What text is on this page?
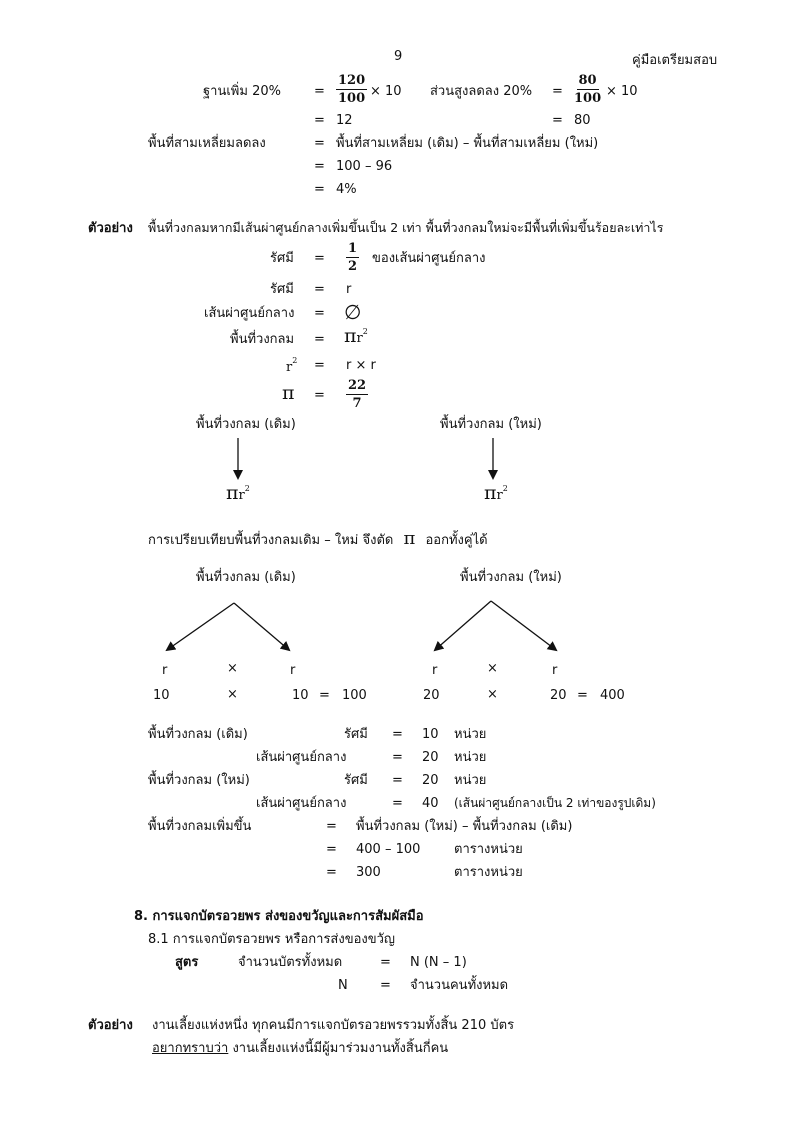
9	คู่มือเตรียมสอบ
ฐานเพิ่ม 20%	= $\frac{120}{100} \times 10$ ส่วนสูงลดลง $20\% = \frac{80}{100} \times 10$
= 12	= 80
พื้นที่สามเหลี่ยมลดลง	= พื้นที่สามเหลี่ยม (เดิม) – พื้นที่สามเหลี่ยม (ใหม่)
= 100 – 96
= 4%
ตัวอย่าง พื้นที่วงกลมหากมีเส้นผ่าศูนย์กลางเพิ่มขึ้นเป็น 2 เท่า พื้นที่วงกลมใหม่จะมีพื้นที่เพิ่มขึ้นร้อยละเท่าไร
รัศมี = $\frac{1}{2}$ ของเส้นผ่าศูนย์กลาง
รัศมี = r
เส้นผ่าศูนย์กลาง = ∅
พื้นที่วงกลม = $\pi r^2$
$r^2 = r \times r$
$\pi = \frac{22}{7}$
พื้นที่วงกลม (เดิม)	พื้นที่วงกลม (ใหม่)
$\pi r^2$	$\pi r^2$
การเปรียบเทียบพื้นที่วงกลมเดิม – ใหม่ จึงตัด π ออกทั้งคู่ได้
พื้นที่วงกลม (เดิม)	พื้นที่วงกลม (ใหม่)
r	×	r	r	×	r
10	×	10 = 100	20	×	20 = 400
พื้นที่วงกลม (เดิม)	รัศมี = 10 หน่วย
เส้นผ่าศูนย์กลาง	= 20 หน่วย
พื้นที่วงกลม (ใหม่)	รัศมี = 20 หน่วย
เส้นผ่าศูนย์กลาง	= 40 (เส้นผ่าศูนย์กลางเป็น 2 เท่าของรูปเดิม)
พื้นที่วงกลมเพิ่มขึ้น	= พื้นที่วงกลม (ใหม่) – พื้นที่วงกลม (เดิม)
= 400 – 100	ตารางหน่วย
= 300	ตารางหน่วย
8. การแจกบัตรอวยพร ส่งของขวัญและการสัมผัสมือ
8.1 การแจกบัตรอวยพร หรือการส่งของขวัญ
สูตร	จำนวนบัตรทั้งหมด	= N (N – 1)
N = จำนวนคนทั้งหมด
ตัวอย่าง งานเลี้ยงแห่งหนึ่ง ทุกคนมีการแจกบัตรอวยพรรวมทั้งสิ้น 210 บัตร
อยากทราบว่า งานเลี้ยงแห่งนี้มีผู้มาร่วมงานทั้งสิ้นกี่คน
